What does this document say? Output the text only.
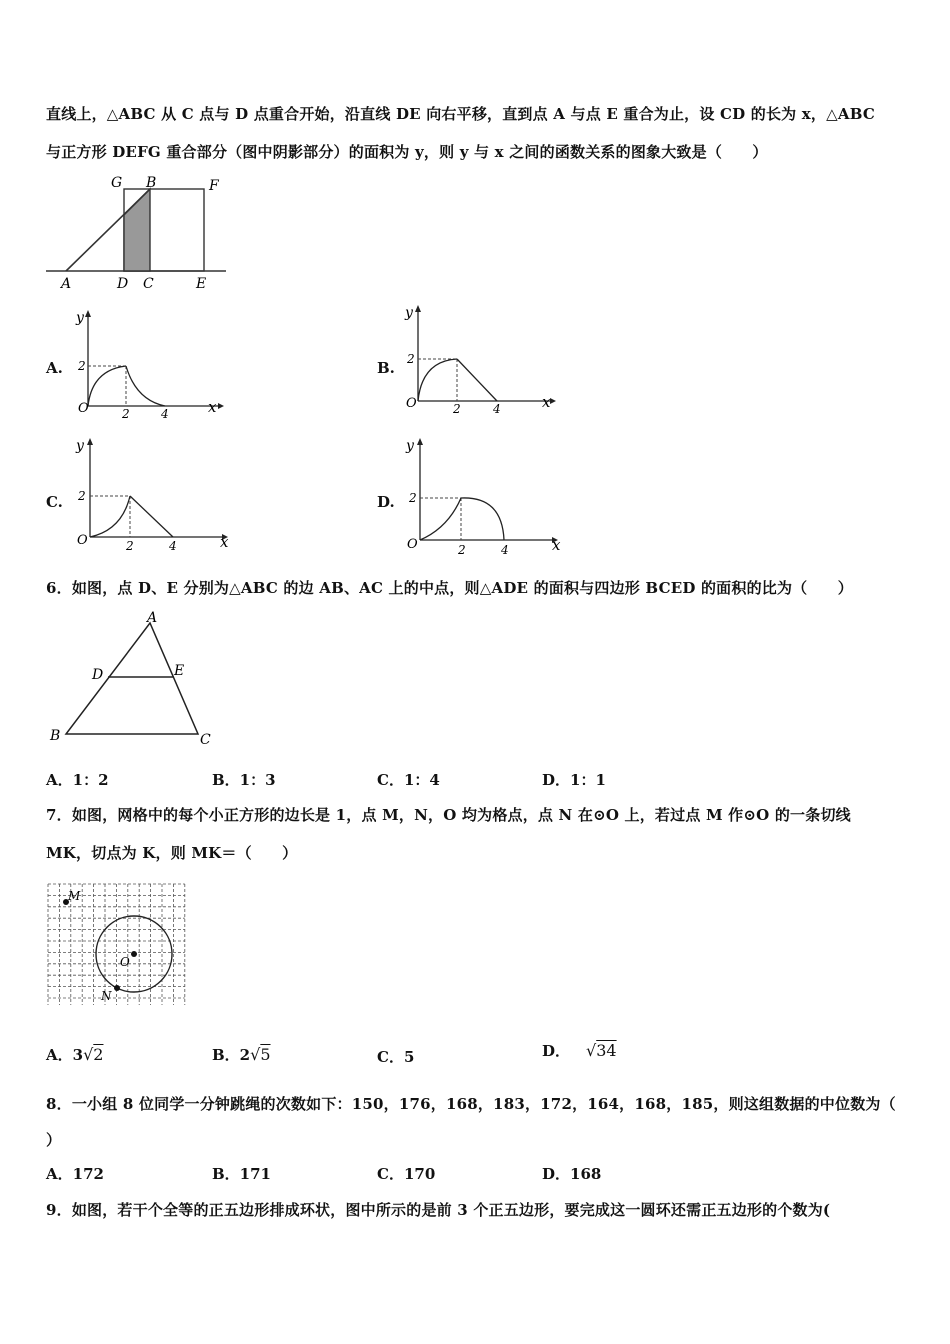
直线上，△ABC 从 C 点与 D 点重合开始，沿直线 DE 向右平移，直到点 A 与点 E 重合为止，设 CD 的长为 x，△ABC
与正方形 DEFG 重合部分（图中阴影部分）的面积为 y，则 y 与 x 之间的函数关系的图象大致是（　　）
G B	F
A	D C	E
A.
y
2
O	2	4	x
B.
y
2
O	2	4	x
C.
y
2
O	2	4	x
D.
y
2
O	2	4	x
6．如图，点 D、E 分别为△ABC 的边 AB、AC 上的中点，则△ADE 的面积与四边形 BCED 的面积的比为（　　）
A
D	E
B	C
A．1：2	B．1：3	C．1：4	D．1：1
7．如图，网格中的每个小正方形的边长是 1，点 M，N，O 均为格点，点 N 在⊙O 上，若过点 M 作⊙O 的一条切线
MK，切点为 K，则 MK＝（　　）
M
O
N
A．3√2	B．2√5	C．5	D． √34
8．一小组 8 位同学一分钟跳绳的次数如下：150，176，168，183，172，164，168，185，则这组数据的中位数为（
）
A．172	B．171	C．170	D．168
9．如图，若干个全等的正五边形排成环状，图中所示的是前 3 个正五边形，要完成这一圆环还需正五边形的个数为(
